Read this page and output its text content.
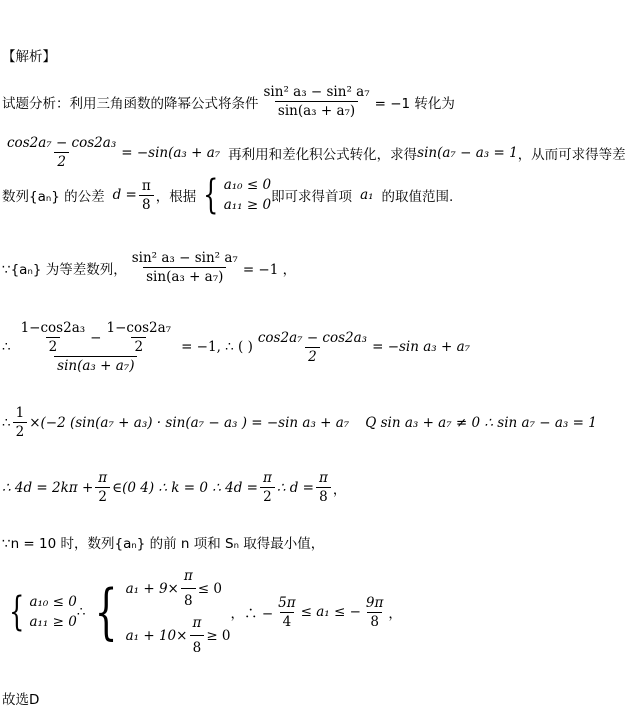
【解析】
试题分析：利用三角函数的降幂公式将条件 $\frac{\text{sin² a₃ − sin² a₇}}{\text{sin(a₃ + a₇)}} = -1$ 转化为
$\frac{\text{cos2a₇ − cos2a₃}}{2} = -\sin(a_3 + a_7$ 再利用和差化积公式转化，求得 sin(a₇ − a₃ = 1 ，从而可求得等差
数列{aₙ} 的公差 $d = \frac{\pi}{8}$ ，根据 { a₁₀ ≤ 0
a₁₁ ≥ 0 即可求得首项 a₁ 的取值范围.
∵{aₙ} 为等差数列， $\frac{\text{sin² a₃ − sin² a₇}}{\text{sin(a₃ + a₇)}} = -1$ ，
∴ $\frac{\frac{\text{1−cos2a₃}}{2} - \frac{\text{1−cos2a₇}}{2}}{\text{sin(a₃ + a₇)}} = -1$, ∴ ( ) $\frac{\text{cos2a₇ − cos2a₃}}{2} = -\sin$ a₃ + a₇
∴ $\frac{1}{2} \times(-2$ (sin(a₇ + a₃) · sin(a₇ − a₃ ) = −sin a₃ + a₇ Q sin a₃ + a₇ ≠ 0 ∴ sin a₇ − a₃ = 1
∴ $4d = 2k\pi + \frac{\pi}{2}$ ∈(0 4) ∴ k = 0 ∴ $4d = \frac{\pi}{2}$ ∴ $d = \frac{\pi}{8}$ ，
∵n = 10 时，数列{aₙ} 的前 n 项和 Sₙ 取得最小值，
{ a₁₀ ≤ 0
a₁₁ ≥ 0
∴ { $a_1 + 9\times \frac{\pi}{8} \le 0$
$a_1 + 10\times \frac{\pi}{8} \ge 0$
，∴ − $\frac{5\pi}{4} \le a_1$ ≤ − $\frac{9\pi}{8}$ ，
故选D
